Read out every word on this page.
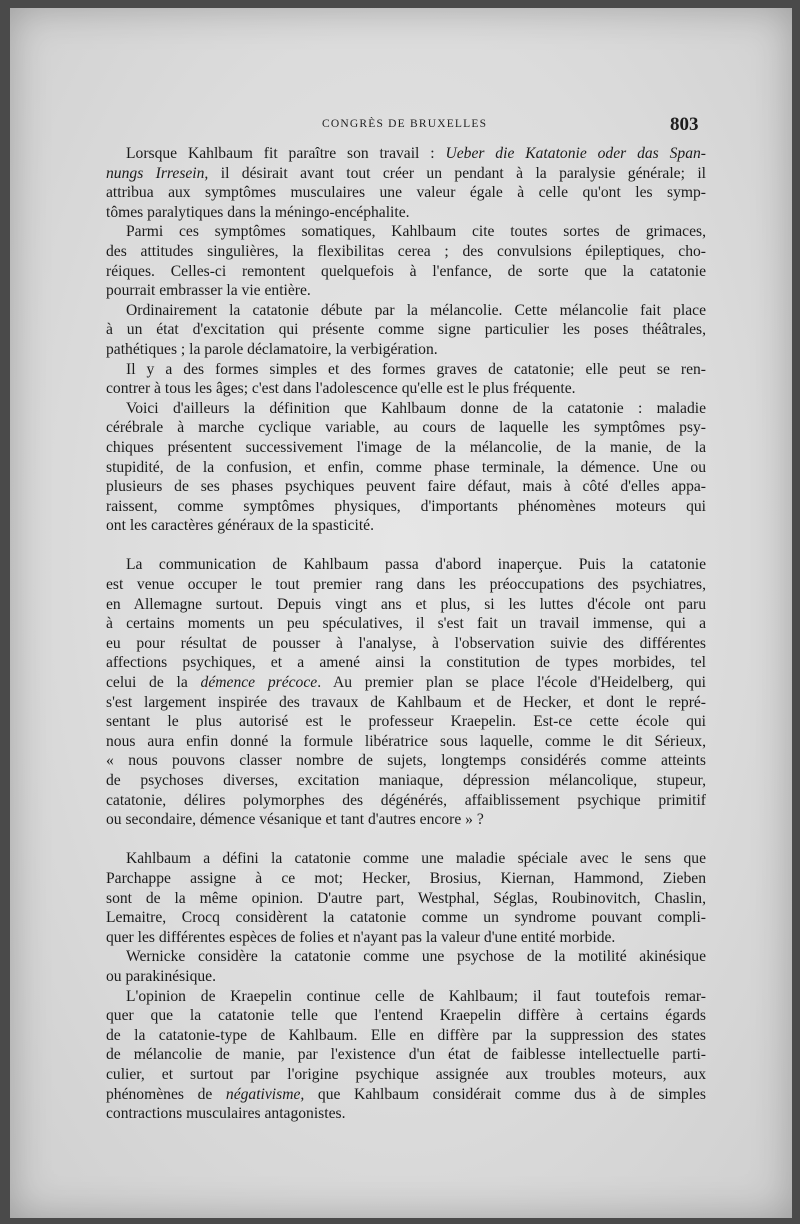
CONGRÈS DE BRUXELLES	803
Lorsque Kahlbaum fit paraître son travail : Ueber die Katatonie oder das Span-
nungs Irresein, il désirait avant tout créer un pendant à la paralysie générale; il
attribua aux symptômes musculaires une valeur égale à celle qu'ont les symp-
tômes paralytiques dans la méningo-encéphalite.
Parmi ces symptômes somatiques, Kahlbaum cite toutes sortes de grimaces,
des attitudes singulières, la flexibilitas cerea ; des convulsions épileptiques, cho-
réiques. Celles-ci remontent quelquefois à l'enfance, de sorte que la catatonie
pourrait embrasser la vie entière.
Ordinairement la catatonie débute par la mélancolie. Cette mélancolie fait place
à un état d'excitation qui présente comme signe particulier les poses théâtrales,
pathétiques ; la parole déclamatoire, la verbigération.
Il y a des formes simples et des formes graves de catatonie; elle peut se ren-
contrer à tous les âges; c'est dans l'adolescence qu'elle est le plus fréquente.
Voici d'ailleurs la définition que Kahlbaum donne de la catatonie : maladie
cérébrale à marche cyclique variable, au cours de laquelle les symptômes psy-
chiques présentent successivement l'image de la mélancolie, de la manie, de la
stupidité, de la confusion, et enfin, comme phase terminale, la démence. Une ou
plusieurs de ses phases psychiques peuvent faire défaut, mais à côté d'elles appa-
raissent, comme symptômes physiques, d'importants phénomènes moteurs qui
ont les caractères généraux de la spasticité.
La communication de Kahlbaum passa d'abord inaperçue. Puis la catatonie
est venue occuper le tout premier rang dans les préoccupations des psychiatres,
en Allemagne surtout. Depuis vingt ans et plus, si les luttes d'école ont paru
à certains moments un peu spéculatives, il s'est fait un travail immense, qui a
eu pour résultat de pousser à l'analyse, à l'observation suivie des différentes
affections psychiques, et a amené ainsi la constitution de types morbides, tel
celui de la démence précoce. Au premier plan se place l'école d'Heidelberg, qui
s'est largement inspirée des travaux de Kahlbaum et de Hecker, et dont le repré-
sentant le plus autorisé est le professeur Kraepelin. Est-ce cette école qui
nous aura enfin donné la formule libératrice sous laquelle, comme le dit Sérieux,
« nous pouvons classer nombre de sujets, longtemps considérés comme atteints
de psychoses diverses, excitation maniaque, dépression mélancolique, stupeur,
catatonie, délires polymorphes des dégénérés, affaiblissement psychique primitif
ou secondaire, démence vésanique et tant d'autres encore » ?
Kahlbaum a défini la catatonie comme une maladie spéciale avec le sens que
Parchappe assigne à ce mot; Hecker, Brosius, Kiernan, Hammond, Zieben
sont de la même opinion. D'autre part, Westphal, Séglas, Roubinovitch, Chaslin,
Lemaitre, Crocq considèrent la catatonie comme un syndrome pouvant compli-
quer les différentes espèces de folies et n'ayant pas la valeur d'une entité morbide.
Wernicke considère la catatonie comme une psychose de la motilité akinésique
ou parakinésique.
L'opinion de Kraepelin continue celle de Kahlbaum; il faut toutefois remar-
quer que la catatonie telle que l'entend Kraepelin diffère à certains égards
de la catatonie-type de Kahlbaum. Elle en diffère par la suppression des states
de mélancolie de manie, par l'existence d'un état de faiblesse intellectuelle parti-
culier, et surtout par l'origine psychique assignée aux troubles moteurs, aux
phénomènes de négativisme, que Kahlbaum considérait comme dus à de simples
contractions musculaires antagonistes.
